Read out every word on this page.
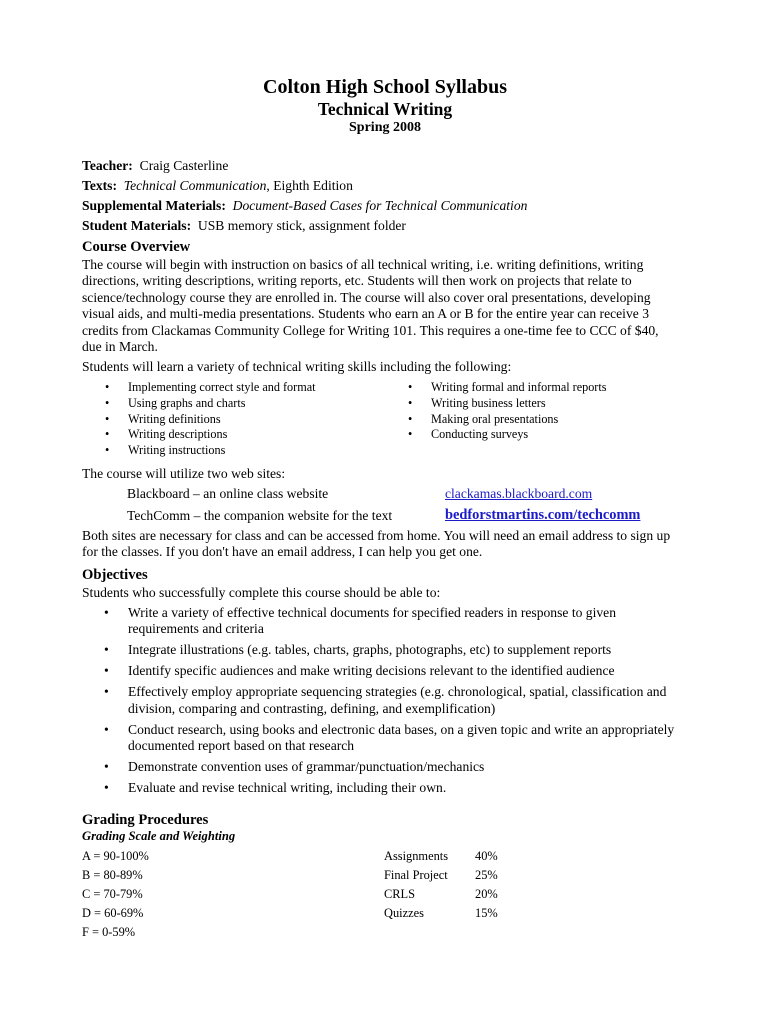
Colton High School Syllabus
Technical Writing
Spring 2008
Teacher: Craig Casterline
Texts: Technical Communication, Eighth Edition
Supplemental Materials: Document-Based Cases for Technical Communication
Student Materials: USB memory stick, assignment folder
Course Overview

The course will begin with instruction on basics of all technical writing, i.e. writing definitions, writing

directions, writing descriptions, writing reports, etc. Students will then work on projects that relate to

science/technology course they are enrolled in. The course will also cover oral presentations, developing

visual aids, and multi-media presentations. Students who earn an A or B for the entire year can receive 3

credits from Clackamas Community College for Writing 101. This requires a one-time fee to CCC of $40,

due in March.

Students will learn a variety of technical writing skills including the following:
• Implementing correct style and format
• Using graphs and charts
• Writing definitions
• Writing descriptions
• Writing instructions
• Writing formal and informal reports
• Writing business letters
• Making oral presentations
• Conducting surveys
The course will utilize two web sites:
Blackboard – an online class website	clackamas.blackboard.com
TechComm – the companion website for the text	bedforstmartins.com/techcomm

Both sites are necessary for class and can be accessed from home. You will need an email address to sign up

for the classes. If you don't have an email address, I can help you get one.

Objectives
Students who successfully complete this course should be able to:
• Write a variety of effective technical documents for specified readers in response to given
requirements and criteria
• Integrate illustrations (e.g. tables, charts, graphs, photographs, etc) to supplement reports
• Identify specific audiences and make writing decisions relevant to the identified audience
• Effectively employ appropriate sequencing strategies (e.g. chronological, spatial, classification and
division, comparing and contrasting, defining, and exemplification)
• Conduct research, using books and electronic data bases, on a given topic and write an appropriately
documented report based on that research
• Demonstrate convention uses of grammar/punctuation/mechanics
• Evaluate and revise technical writing, including their own.
Grading Procedures
Grading Scale and Weighting
A = 90-100%
B = 80-89%
C = 70-79%
D = 60-69%
F = 0-59%
Assignments
Final Project
CRLS
Quizzes
40%
25%
20%
15%
